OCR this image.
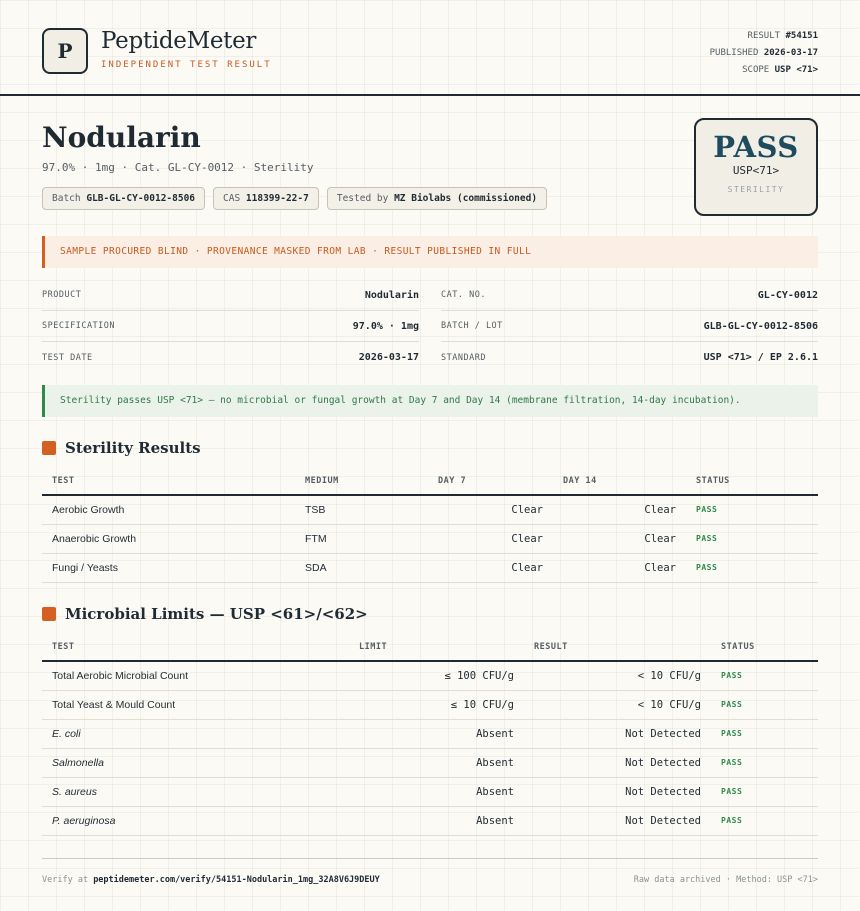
P	PeptideMeter
INDEPENDENT TEST RESULT
RESULT #54151
PUBLISHED 2026-03-17
SCOPE USP <71>
Nodularin
97.0% · 1mg · Cat. GL-CY-0012 · Sterility
Batch GLB-GL-CY-0012-8506	CAS 118399-22-7	Tested by MZ Biolabs (commissioned)
PASS
USP<71>
STERILITY
SAMPLE PROCURED BLIND · PROVENANCE MASKED FROM LAB · RESULT PUBLISHED IN FULL
PRODUCT	Nodularin
SPECIFICATION	97.0% · 1mg
TEST DATE	2026-03-17
CAT. NO.	GL-CY-0012
BATCH / LOT	GLB-GL-CY-0012-8506
STANDARD	USP <71> / EP 2.6.1
Sterility passes USP <71> — no microbial or fungal growth at Day 7 and Day 14 (membrane filtration, 14-day incubation).
Sterility Results
TEST	MEDIUM	DAY 7	DAY 14	STATUS
Aerobic Growth	TSB	Clear	Clear	PASS
Anaerobic Growth	FTM	Clear	Clear	PASS
Fungi / Yeasts	SDA	Clear	Clear	PASS
Microbial Limits — USP <61>/<62>
TEST	LIMIT	RESULT	STATUS
Total Aerobic Microbial Count	≤ 100 CFU/g	< 10 CFU/g	PASS
Total Yeast & Mould Count	≤ 10 CFU/g	< 10 CFU/g	PASS
E. coli	Absent	Not Detected	PASS
Salmonella	Absent	Not Detected	PASS
S. aureus	Absent	Not Detected	PASS
P. aeruginosa	Absent	Not Detected	PASS
Verify at peptidemeter.com/verify/54151-Nodularin_1mg_32A8V6J9DEUY	Raw data archived · Method: USP <71>
